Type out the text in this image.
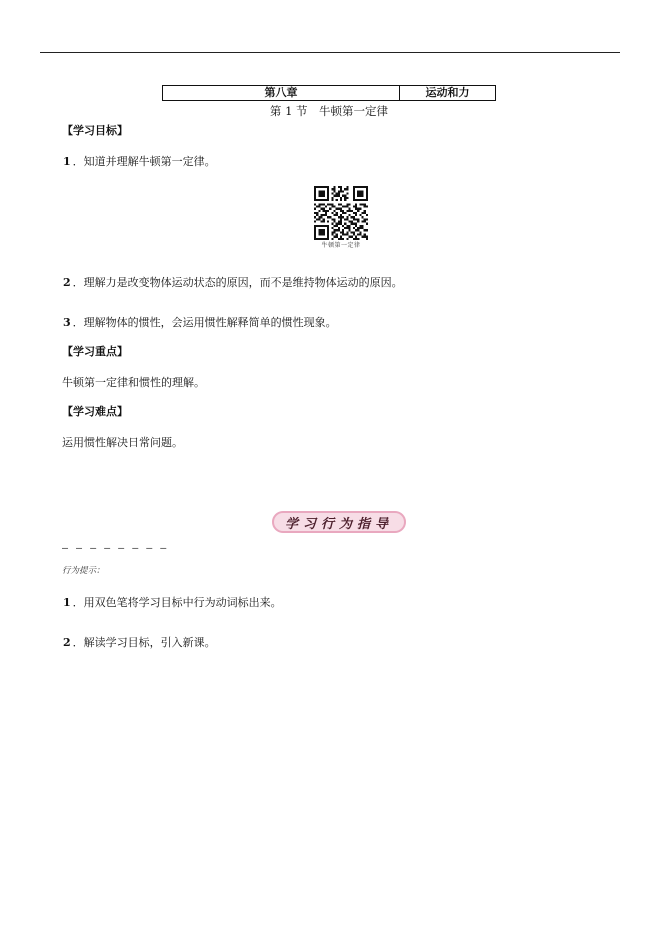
第八章	运动和力
第 1 节　牛顿第一定律
【学习目标】
1 ．知道并理解牛顿第一定律。
牛顿第一定律
2 ．理解力是改变物体运动状态的原因，而不是维持物体运动的原因。
3 ．理解物体的惯性，会运用惯性解释简单的惯性现象。
【学习重点】
牛顿第一定律和惯性的理解。
【学习难点】
运用惯性解决日常问题。
学习行为指导
— — — — — — — —
行为提示：
1 ．用双色笔将学习目标中行为动词标出来。
2 ．解读学习目标，引入新课。
